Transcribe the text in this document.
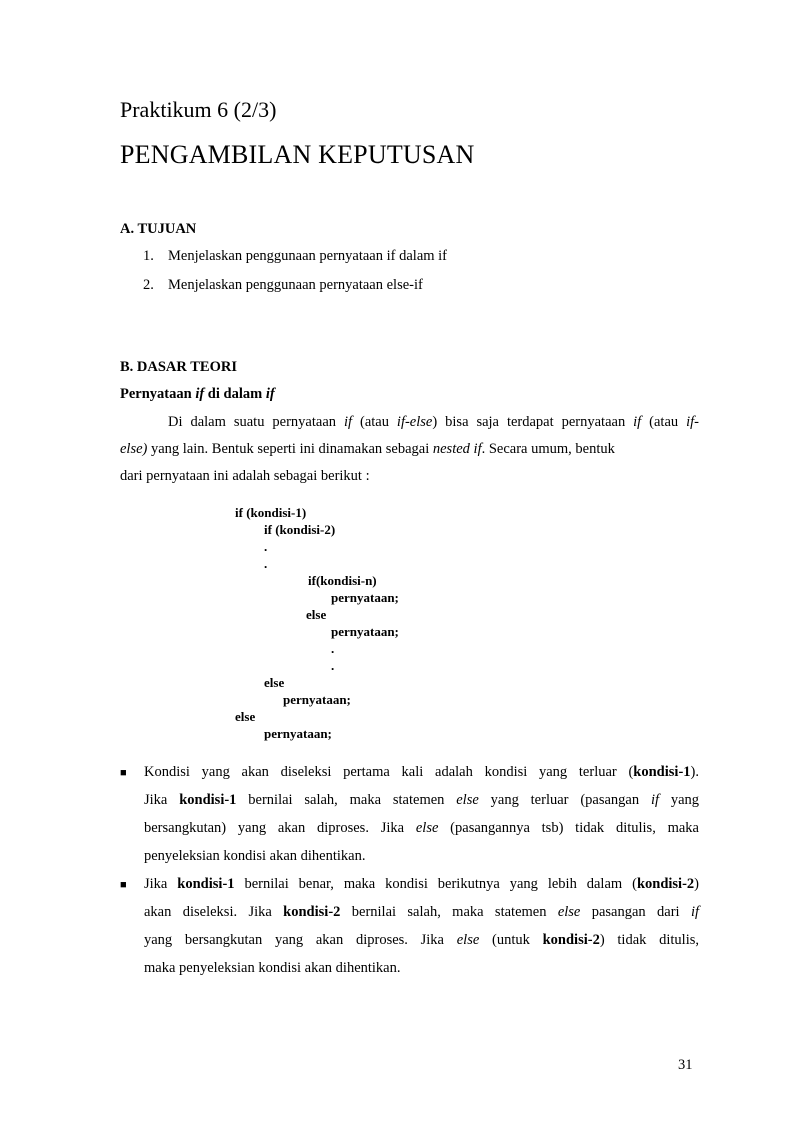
Praktikum 6 (2/3)
PENGAMBILAN KEPUTUSAN
A. TUJUAN
1. Menjelaskan penggunaan pernyataan if dalam if
2. Menjelaskan penggunaan pernyataan else-if
B. DASAR TEORI
Pernyataan if di dalam if
Di dalam suatu pernyataan if (atau if-else) bisa saja terdapat pernyataan if (atau if-
else) yang lain. Bentuk seperti ini dinamakan sebagai nested if. Secara umum, bentuk
dari pernyataan ini adalah sebagai berikut :
if (kondisi-1)
if (kondisi-2)
.
.
if(kondisi-n)
pernyataan;
else
pernyataan;
.
.
else
pernyataan;
else
pernyataan;
■ Kondisi yang akan diseleksi pertama kali adalah kondisi yang terluar (kondisi-1).
Jika kondisi-1 bernilai salah, maka statemen else yang terluar (pasangan if yang
bersangkutan) yang akan diproses. Jika else (pasangannya tsb) tidak ditulis, maka
penyeleksian kondisi akan dihentikan.
■ Jika kondisi-1 bernilai benar, maka kondisi berikutnya yang lebih dalam (kondisi-2)
akan diseleksi. Jika kondisi-2 bernilai salah, maka statemen else pasangan dari if
yang bersangkutan yang akan diproses. Jika else (untuk kondisi-2) tidak ditulis,
maka penyeleksian kondisi akan dihentikan.
31
